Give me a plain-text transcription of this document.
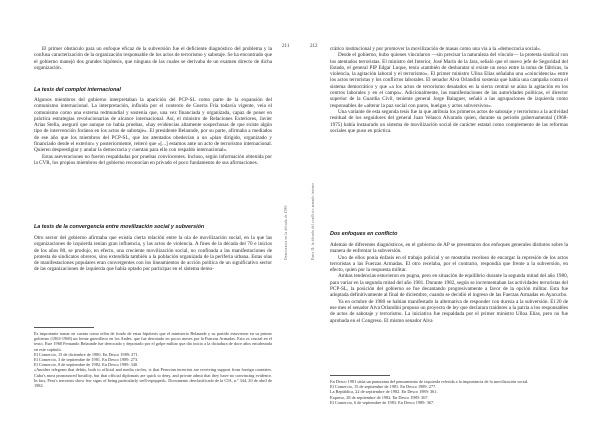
El primer obstáculo para un enfoque eficaz de la subversión fue el deficiente diagnóstico del problema y la confusa caracterización de la organización responsable de los actos de terrorismo y sabotaje. Se ha encontrado que el gobierno manejó dos grandes hipótesis, que ninguna de las cuales se derivaba de un examen directo de dicha organización.

La tesis del complot internacional

Algunos miembros del gobierno interpretaban la aparición del PCP-SL como parte de la expansión del comunismo internacional. La interpretación, influida por el contexto de Guerra Fría todavía vigente, veía el comunismo como una externa redmundial y sostenía que, una vez financiada y organizada, capaz de poner en práctica estrategias revolucionarias de alcance internacional. Así, el ministro de Relaciones Exteriores, Javier Arias Stella, aseguró que aunque no había pruebas, «hay evidencias altamente sospechosas de que existe algún tipo de intervención foránea en los actos de sabotaje». El presidente Belaunde, por su parte, afirmaba a mediados de ese año que los miembros del PCP-SL, que los atentados obedecían a un «plan dirigido, organizado y financiado desde el exterior» y posteriormente, reiteró que «[...] estamos ante un acto de terrorismo internacional. Quieren desprestigiar y anular la democracia y cuentan para ello con respaldo internacional».

Estas aseveraciones no fueron respaldadas por pruebas convincentes. Incluso, según información obtenida por la CVR, los propios miembros del gobierno reconocían en privado el poco fundamento de sus afirmaciones.

La tesis de la convergencia entre movilización social y subversión

Otro sector del gobierno afirmaba que existía cierta relación entre la ola de movilización social, en la que las organizaciones de izquierda tenían gran influencia, y las actos de violencia. A fines de la década del 70 e inicios de los años 80, se produjo, en efecto, una creciente movilización social, no confinada a las manifestaciones de protesta de sindicatos obreros, sino extendida también a la población organizada de la periferia urbana. Estas olas de manifestaciones populares eran convergentes con los lineamientos de acción política de un significativo sector de las organizaciones de izquierda que había optado por participar en el sistema demo-

Es importante tomar en cuenta como telón de fondo de estas hipótesis que el ministerio Belaunde y su partido estuvieron en su primer gobierno (1963-1968) un frente guerrillero en los Andes, que fue derrotado en pocos meses por la Fuerzas Armadas. Esto es crucial en el texto. Este 1968 Fernando Belaunde fue derrocado y deportado por el golpe militar que dio inicio a la dictadura de doce años encabezada en este capítulo.
El Comercio, 15 de diciembre de 1980. En Desco 1989: 271.
El Comercio, 3 de septiembre de 1981. En Desco 1989: 273.
El Comercio, 8 de septiembre de 1982. En Desco 1989: 340.
«Another telegram that debits, both to official and media circles, is that Peruvian terrorists are receiving support from foreign countries. Cuba's most pronounced hostility, but that official diplomats are quick to deny, and private admit that they have no convincing evidence. In fact, Peru's terrorists show few signs of being particularly well-equipped». Documento desclasificado de la CIA, n.º 344, 20 de abril de 1982.
211
Democracia en la década de 1980
212
Parte II: la década del conflicto armado interno

crático institucional y por promover la movilización de masas como una vía a la «democracia social».

Desde el gobierno, hubo quienes vincularon —sin precisar la naturaleza del vínculo— la protesta sindical con los atentados terroristas. El ministro del Interior, José Marín de la Jara, señaló que el nuevo jefe de Seguridad del Estado, el general PIP Edgar Luque, tenía «también de desbaratar si existe un nexo entre la toma de fábricas, la violencia, la agitación laboral y el terrorismo». El primer ministro Ulloa Elías señalaba una «coincidencia» entre los actos terroristas y los conflictos laborales. El senador Alva Orlandini sostenía que había una campaña contra el sistema democrático y que «a los actos de terrorismo desatados en la sierra central se aúna la agitación en los centros laborales y en el campo». Adicionalmente, las manifestaciones de las autoridades políticas, el director superior de la Guardia Civil, teniente general Jorge Balaguer, señaló a las agrupaciones de izquierda como responsables de «alterar la paz social con paros, huelgas y actos subversivos».

Una variante de esta segunda tesis fue la que atribuía los primeros actos de sabotaje y terrorismo a la actividad residual de los seguidores del general Juan Velasco Alvarado quien, durante su período gubernamental (1968-1975) había instaurado un sistema de movilización social de carácter estatal como complemento de las reformas sociales que puso en práctica.

Dos enfoques en conflicto

Además de diferentes diagnósticos, en el gobierno de AP se presentaron dos enfoques generales distintos sobre la manera de enfrentar la subversión.

Uno de ellos ponía énfasis en el trabajo policial y se mostraba receloso de encargar la represión de los actos terroristas a las Fuerzas Armadas. El otro recelaba, por el contrario, respondía que frente a la subversión, en efecto, quien por la respuesta militar.

Ambas tendencias estuvieron en pugna, pero en situación de equilibrio durante la segunda mitad del año 1980, para variar en la segunda mitad del año 1981. Durante 1982, según se incrementaban las actividades terroristas del PCP-SL, la posición del gobierno se fue decantando progresivamente a favor de la opción militar. Esta fue adoptada definitivamente al final de diciembre, cuando se decidió el ingreso de las Fuerzas Armadas en Ayacucho.

Ya en octubre de 1980 se habían manifestado la alternativa de responder con dureza a la subversión. El 20 de ese mes el senador Alva Orlandini propuso un proyecto de ley que declarara traidores a la patria a los responsables de actos de sabotaje y terrorismo. La iniciativa fue respaldada por el primer ministro Ulloa Elías, pero no fue aprobada en el Congreso. El mismo senador Alva

En Desco 1981 sitúa un panorama del pensamiento de izquierda referida a la importancia de la movilización social.
El Comercio, 15 de septiembre de 1981. En Desco 1989: 277.
La República, 22 de septiembre de 1982. En Desco 1989: 361.
Expreso, 28 de septiembre de 1982. En Desco 1989: 367.
El Comercio, 6 de septiembre de 1983. En Desco 1989: 367.
